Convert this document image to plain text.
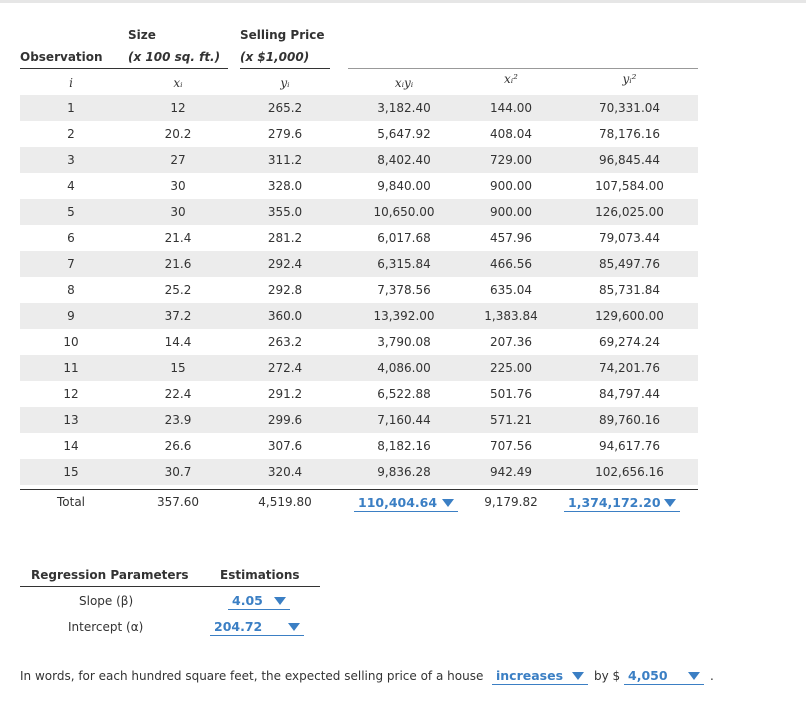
Size	Selling Price
Observation	(x 100 sq. ft.)	(x $1,000)
i	xᵢ	yᵢ	xᵢyᵢ	xᵢ²	yᵢ²
1	12	265.2	3,182.40	144.00	70,331.04
2	20.2	279.6	5,647.92	408.04	78,176.16
3	27	311.2	8,402.40	729.00	96,845.44
4	30	328.0	9,840.00	900.00	107,584.00
5	30	355.0	10,650.00	900.00	126,025.00
6	21.4	281.2	6,017.68	457.96	79,073.44
7	21.6	292.4	6,315.84	466.56	85,497.76
8	25.2	292.8	7,378.56	635.04	85,731.84
9	37.2	360.0	13,392.00	1,383.84	129,600.00
10	14.4	263.2	3,790.08	207.36	69,274.24
11	15	272.4	4,086.00	225.00	74,201.76
12	22.4	291.2	6,522.88	501.76	84,797.44
13	23.9	299.6	7,160.44	571.21	89,760.16
14	26.6	307.6	8,182.16	707.56	94,617.76
15	30.7	320.4	9,836.28	942.49	102,656.16
Total	357.60	4,519.80	110,404.64	9,179.82	1,374,172.20
Regression Parameters	Estimations
Slope (β)	4.05
Intercept (α)	204.72
In words, for each hundred square feet, the expected selling price of a house increases	by $ 4,050	.
